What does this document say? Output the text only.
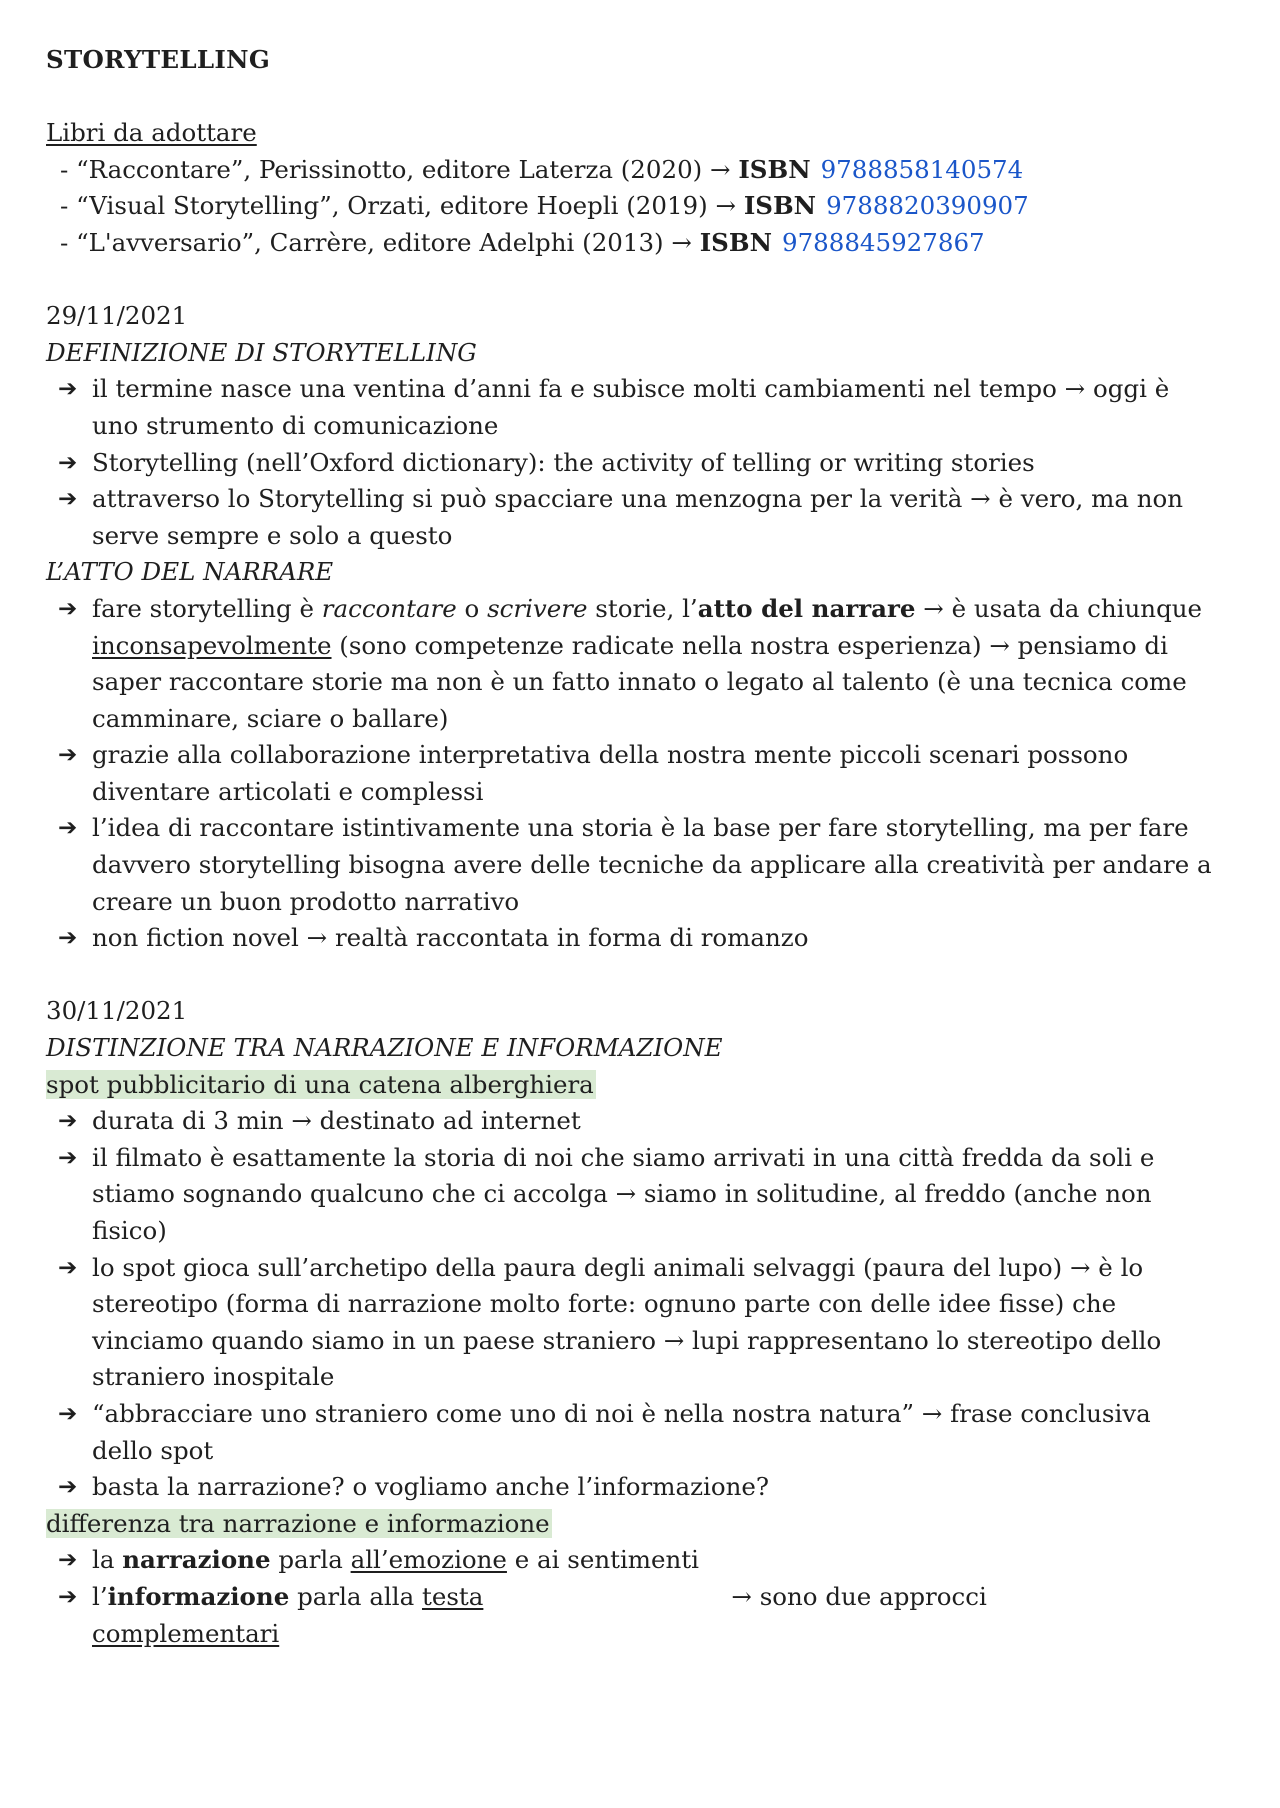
STORYTELLING
Libri da adottare
- “Raccontare”, Perissinotto, editore Laterza (2020) → ISBN 9788858140574
- “Visual Storytelling”, Orzati, editore Hoepli (2019) → ISBN 9788820390907
- “L'avversario”, Carrère, editore Adelphi (2013) → ISBN 9788845927867
29/11/2021
DEFINIZIONE DI STORYTELLING
➔ il termine nasce una ventina d’anni fa e subisce molti cambiamenti nel tempo → oggi è uno strumento di comunicazione
➔ Storytelling (nell’Oxford dictionary): the activity of telling or writing stories
➔ attraverso lo Storytelling si può spacciare una menzogna per la verità → è vero, ma non serve sempre e solo a questo
L’ATTO DEL NARRARE
➔ fare storytelling è raccontare o scrivere storie, l’atto del narrare → è usata da chiunque inconsapevolmente (sono competenze radicate nella nostra esperienza) → pensiamo di saper raccontare storie ma non è un fatto innato o legato al talento (è una tecnica come camminare, sciare o ballare)
➔ grazie alla collaborazione interpretativa della nostra mente piccoli scenari possono diventare articolati e complessi
➔ l’idea di raccontare istintivamente una storia è la base per fare storytelling, ma per fare davvero storytelling bisogna avere delle tecniche da applicare alla creatività per andare a creare un buon prodotto narrativo
➔ non fiction novel → realtà raccontata in forma di romanzo
30/11/2021
DISTINZIONE TRA NARRAZIONE E INFORMAZIONE
spot pubblicitario di una catena alberghiera
➔ durata di 3 min → destinato ad internet
➔ il filmato è esattamente la storia di noi che siamo arrivati in una città fredda da soli e stiamo sognando qualcuno che ci accolga → siamo in solitudine, al freddo (anche non fisico)
➔ lo spot gioca sull’archetipo della paura degli animali selvaggi (paura del lupo) → è lo stereotipo (forma di narrazione molto forte: ognuno parte con delle idee fisse) che vinciamo quando siamo in un paese straniero → lupi rappresentano lo stereotipo dello straniero inospitale
➔ “abbracciare uno straniero come uno di noi è nella nostra natura” → frase conclusiva dello spot
➔ basta la narrazione? o vogliamo anche l’informazione?
differenza tra narrazione e informazione
➔ la narrazione parla all’emozione e ai sentimenti
➔ l’informazione parla alla testa	→ sono due approcci
complementari
